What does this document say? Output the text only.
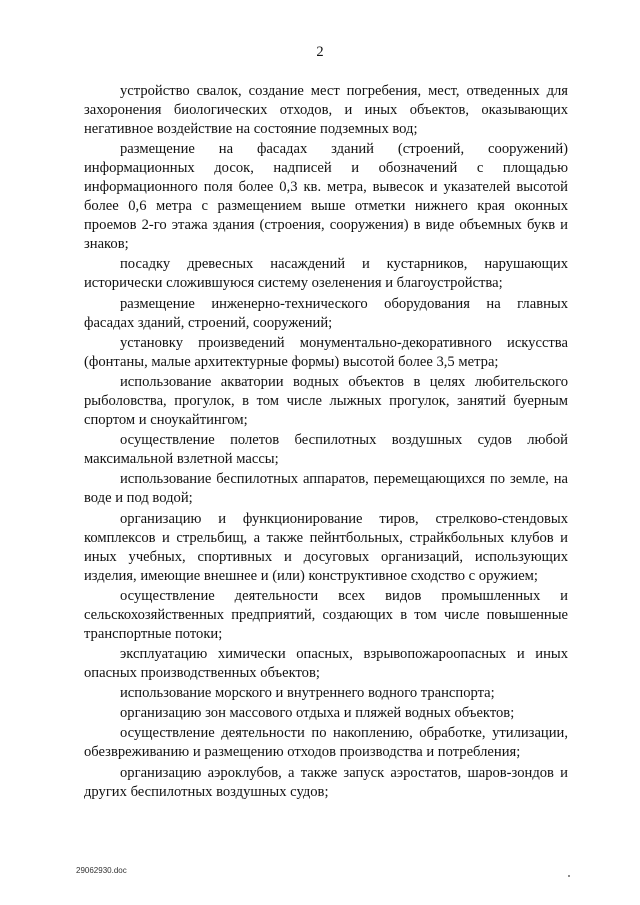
2

устройство свалок, создание мест погребения, мест, отведенных для захоронения биологических отходов, и иных объектов, оказывающих негативное воздействие на состояние подземных вод;

размещение на фасадах зданий (строений, сооружений) информационных досок, надписей и обозначений с площадью информационного поля более 0,3 кв. метра, вывесок и указателей высотой более 0,6 метра с размещением выше отметки нижнего края оконных проемов 2-го этажа здания (строения, сооружения) в виде объемных букв и знаков;

посадку древесных насаждений и кустарников, нарушающих исторически сложившуюся систему озеленения и благоустройства;

размещение инженерно-технического оборудования на главных фасадах зданий, строений, сооружений;

установку произведений монументально-декоративного искусства (фонтаны, малые архитектурные формы) высотой более 3,5 метра;

использование акватории водных объектов в целях любительского рыболовства, прогулок, в том числе лыжных прогулок, занятий буерным спортом и сноукайтингом;

осуществление полетов беспилотных воздушных судов любой максимальной взлетной массы;

использование беспилотных аппаратов, перемещающихся по земле, на воде и под водой;

организацию и функционирование тиров, стрелково-стендовых комплексов и стрельбищ, а также пейнтбольных, страйкбольных клубов и иных учебных, спортивных и досуговых организаций, использующих изделия, имеющие внешнее и (или) конструктивное сходство с оружием;

осуществление деятельности всех видов промышленных и сельскохозяйственных предприятий, создающих в том числе повышенные транспортные потоки;

эксплуатацию химически опасных, взрывопожароопасных и иных опасных производственных объектов;

использование морского и внутреннего водного транспорта;

организацию зон массового отдыха и пляжей водных объектов;

осуществление деятельности по накоплению, обработке, утилизации, обезвреживанию и размещению отходов производства и потребления;

организацию аэроклубов, а также запуск аэростатов, шаров-зондов и других беспилотных воздушных судов;

29062930.doc
